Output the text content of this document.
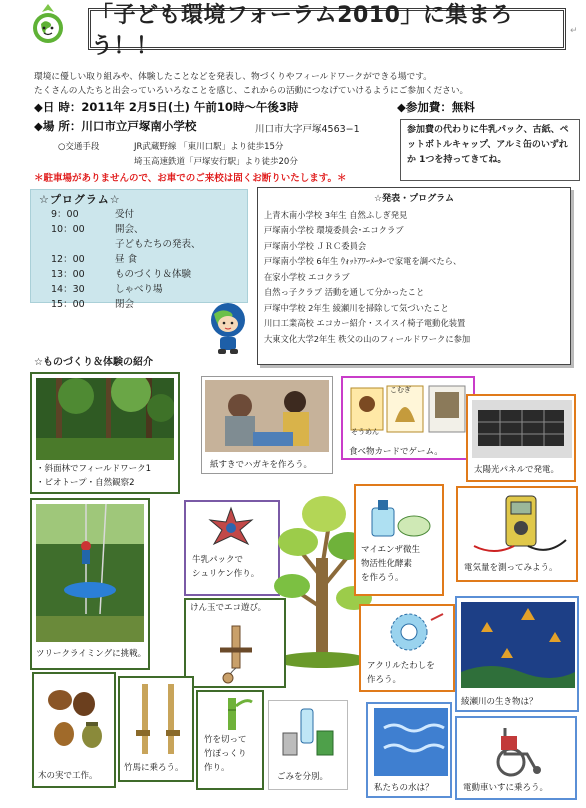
「子ども環境フォーラム2010」に集まろう！！
↵
環境に優しい取り組みや、体験したことなどを発表し、物づくりやフィールドワークができる場です。
たくさんの人たちと出会っていろいろなことを感じ、これからの活動につなげていけるようにご参加ください。
◆日 時：2011年 2月5日(土) 午前10時〜午後3時	◆参加費：無料
◆場 所：川口市立戸塚南小学校	川口市大字戸塚4563−1
○交通手段	JR武蔵野線 「東川口駅」より徒歩15分
埼玉高速鉄道「戸塚安行駅」より徒歩20分
＊駐車場がありませんので、お車でのご来校は固くお断りいたします。＊
参加費の代わりに牛乳パック、古紙、ペットボトルキャップ、アルミ缶のいずれか 1つを持ってきてね。
☆プログラム☆
9：00	受付
10：00	開会、
子どもたちの発表、
12：00	昼 食
13：00	ものづくり＆体験
14：30	しゃべり場
15：00	閉会
☆発表・プログラム
上青木南小学校 3年生 自然ふしぎ発見
戸塚南小学校 環境委員会･エコクラブ
戸塚南小学校 ＪＲＣ委員会
戸塚南小学校 6年生 ｳｫｯﾄｱﾜｰﾒｰﾀｰで家電を調べたら、
在家小学校 エコクラブ
自然っ子クラブ 活動を通して分かったこと
戸塚中学校 2年生 綾瀬川を掃除して気づいたこと
川口工業高校 エコカー紹介・スイスイ椅子電動化装置
大東文化大学2年生 秩父の山のフィールドワークに参加
☆ものづくり＆体験の紹介
・斜面林でフィールドワーク1
・ビオトープ・自然観察2
紙すきでハガキを作ろう。
こむぎ
そうめん
食べ物カードでゲーム。
太陽光パネルで発電。
ツリークライミングに挑戦。
牛乳パックで
シュリケン作り。
マイエンザ微生
物活性化酵素
を作ろう。
電気量を測ってみよう。
けん玉でエコ遊び。
アクリルたわしを
作ろう。
綾瀬川の生き物は？
木の実で工作。
竹馬に乗ろう。
竹を切って
竹ぽっくり
作り。
ごみを分別。
私たちの水は？	電動車いすに乗ろう。
